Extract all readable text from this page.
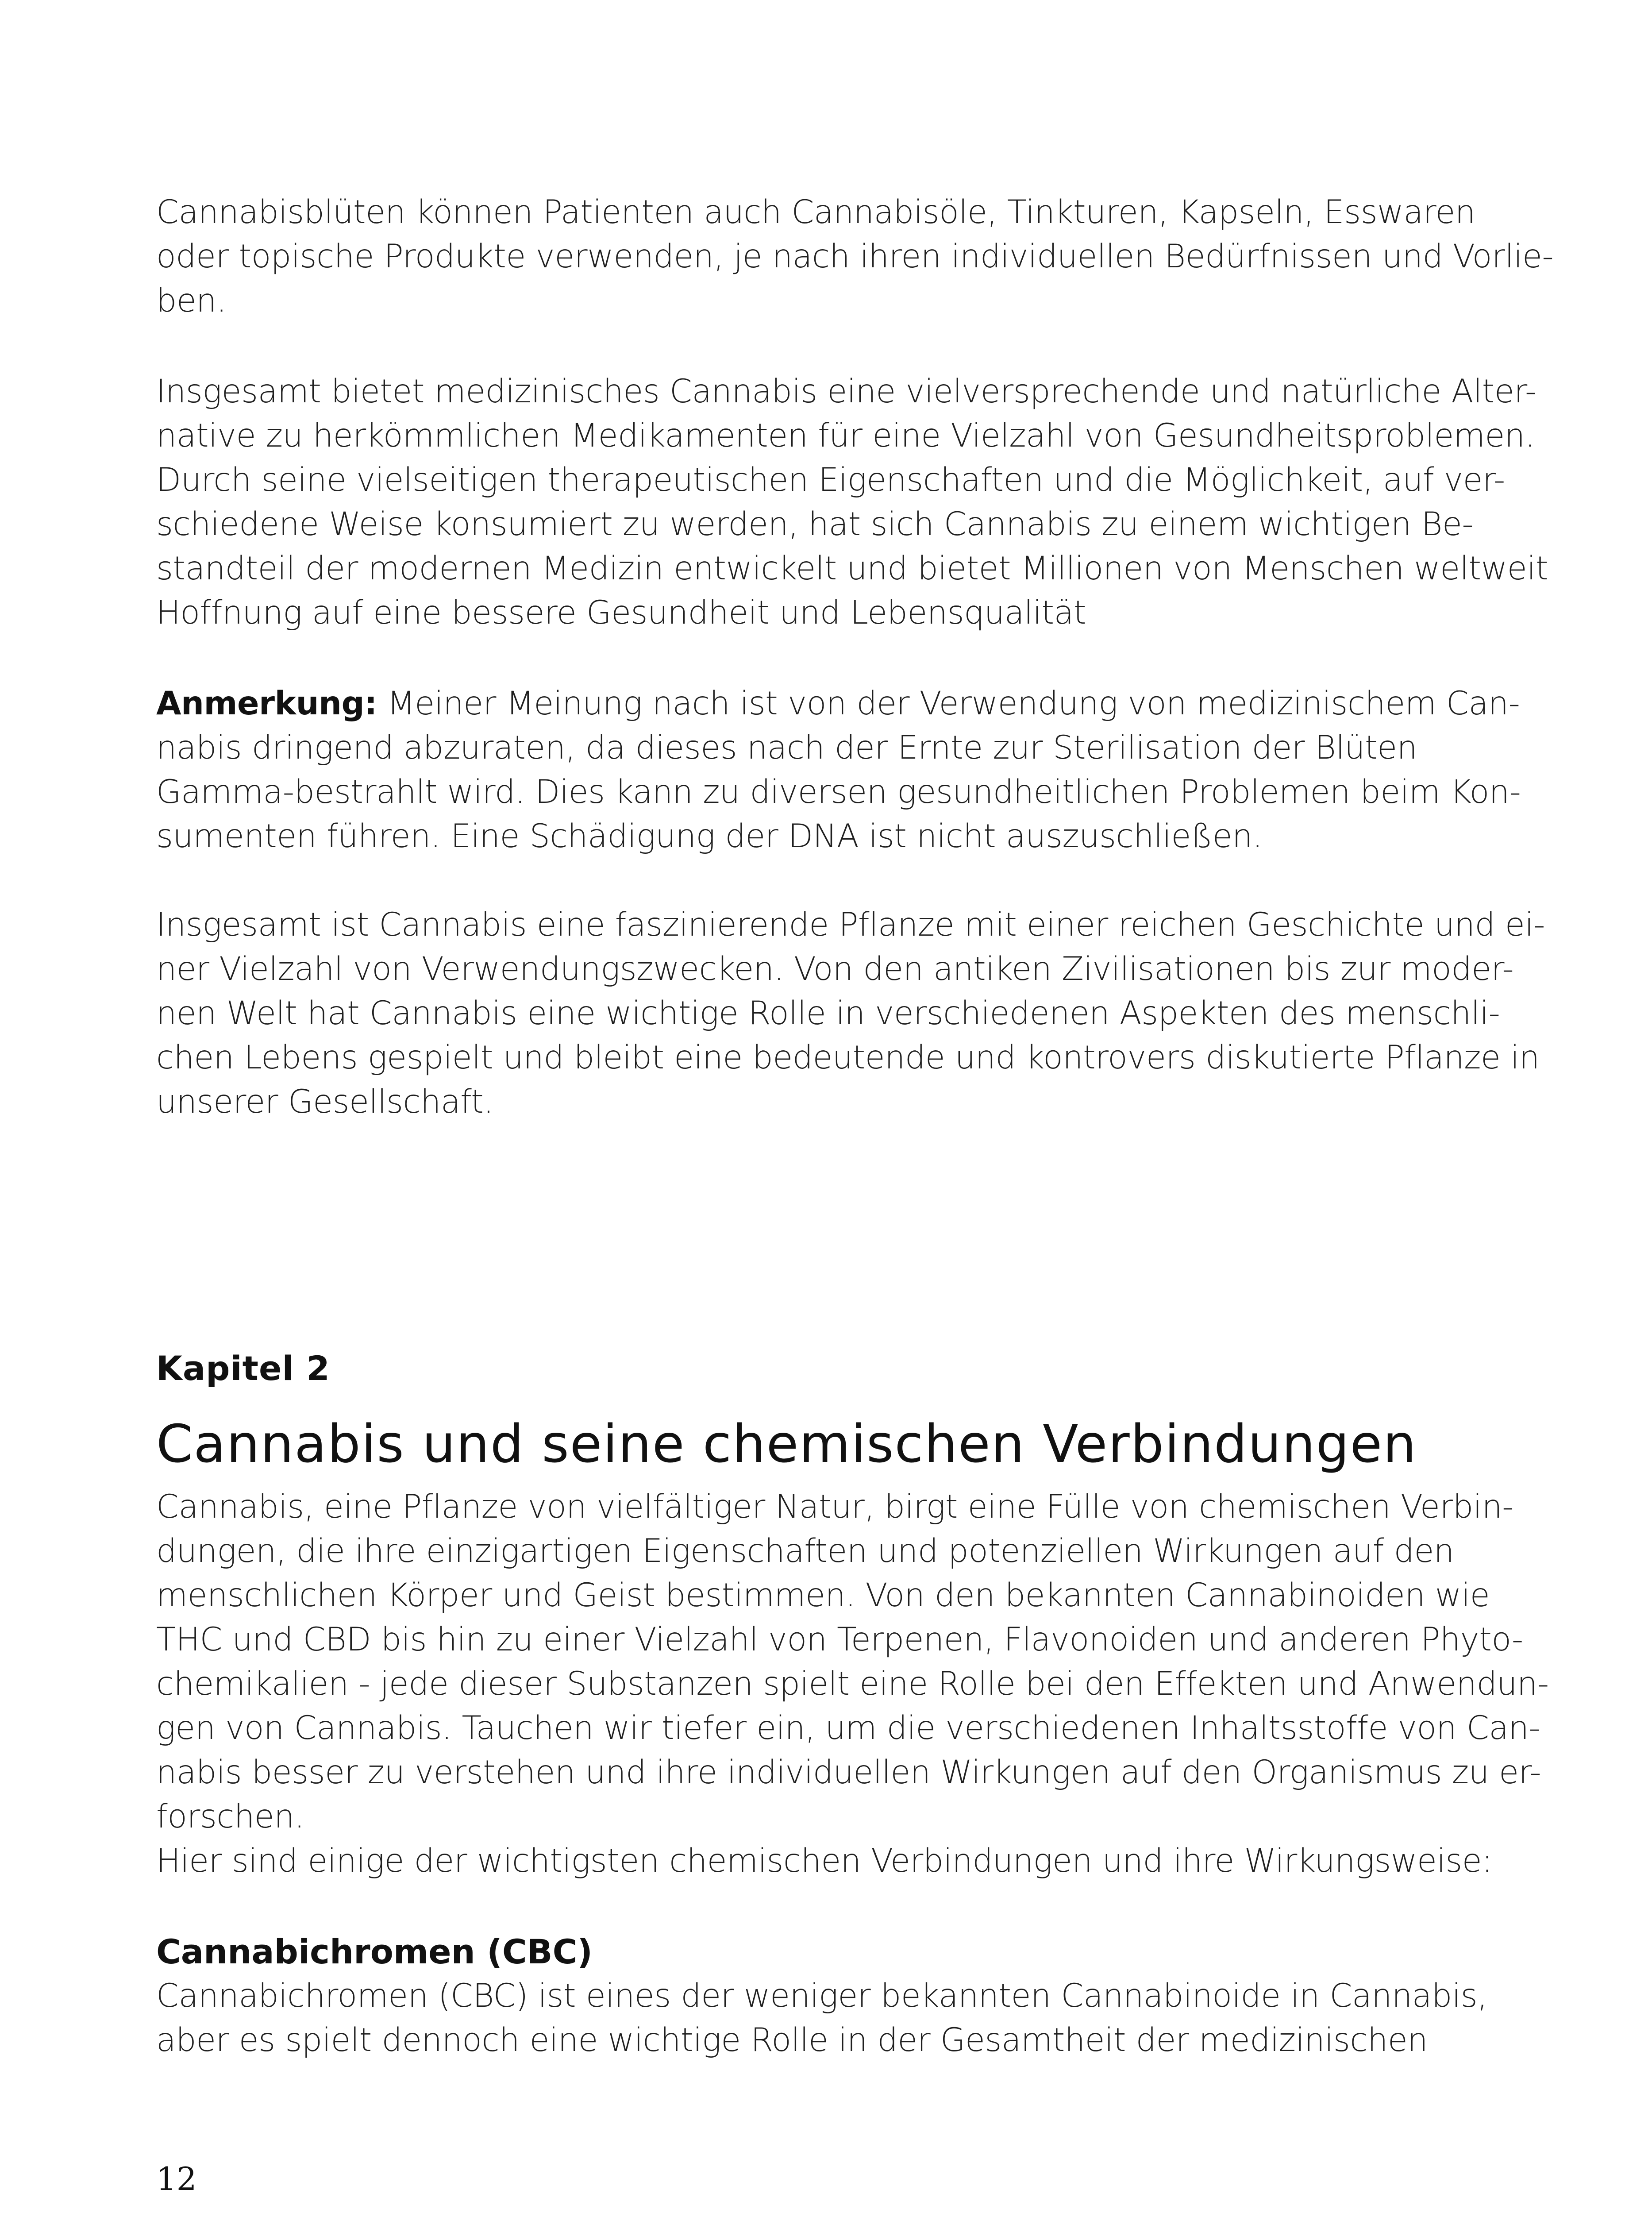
Cannabisblüten können Patienten auch Cannabisöle, Tinkturen, Kapseln, Esswaren
oder topische Produkte verwenden, je nach ihren individuellen Bedürfnissen und Vorlie-
ben.
Insgesamt bietet medizinisches Cannabis eine vielversprechende und natürliche Alter-
native zu herkömmlichen Medikamenten für eine Vielzahl von Gesundheitsproblemen.
Durch seine vielseitigen therapeutischen Eigenschaften und die Möglichkeit, auf ver-
schiedene Weise konsumiert zu werden, hat sich Cannabis zu einem wichtigen Be-
standteil der modernen Medizin entwickelt und bietet Millionen von Menschen weltweit
Hoffnung auf eine bessere Gesundheit und Lebensqualität
Anmerkung: Meiner Meinung nach ist von der Verwendung von medizinischem Can-
nabis dringend abzuraten, da dieses nach der Ernte zur Sterilisation der Blüten
Gamma-bestrahlt wird. Dies kann zu diversen gesundheitlichen Problemen beim Kon-
sumenten führen. Eine Schädigung der DNA ist nicht auszuschließen.
Insgesamt ist Cannabis eine faszinierende Pflanze mit einer reichen Geschichte und ei-
ner Vielzahl von Verwendungszwecken. Von den antiken Zivilisationen bis zur moder-
nen Welt hat Cannabis eine wichtige Rolle in verschiedenen Aspekten des menschli-
chen Lebens gespielt und bleibt eine bedeutende und kontrovers diskutierte Pflanze in
unserer Gesellschaft.
Kapitel 2
Cannabis und seine chemischen Verbindungen
Cannabis, eine Pflanze von vielfältiger Natur, birgt eine Fülle von chemischen Verbin-
dungen, die ihre einzigartigen Eigenschaften und potenziellen Wirkungen auf den
menschlichen Körper und Geist bestimmen. Von den bekannten Cannabinoiden wie
THC und CBD bis hin zu einer Vielzahl von Terpenen, Flavonoiden und anderen Phyto-
chemikalien - jede dieser Substanzen spielt eine Rolle bei den Effekten und Anwendun-
gen von Cannabis. Tauchen wir tiefer ein, um die verschiedenen Inhaltsstoffe von Can-
nabis besser zu verstehen und ihre individuellen Wirkungen auf den Organismus zu er-
forschen.
Hier sind einige der wichtigsten chemischen Verbindungen und ihre Wirkungsweise:
Cannabichromen (CBC)
Cannabichromen (CBC) ist eines der weniger bekannten Cannabinoide in Cannabis,
aber es spielt dennoch eine wichtige Rolle in der Gesamtheit der medizinischen
12
